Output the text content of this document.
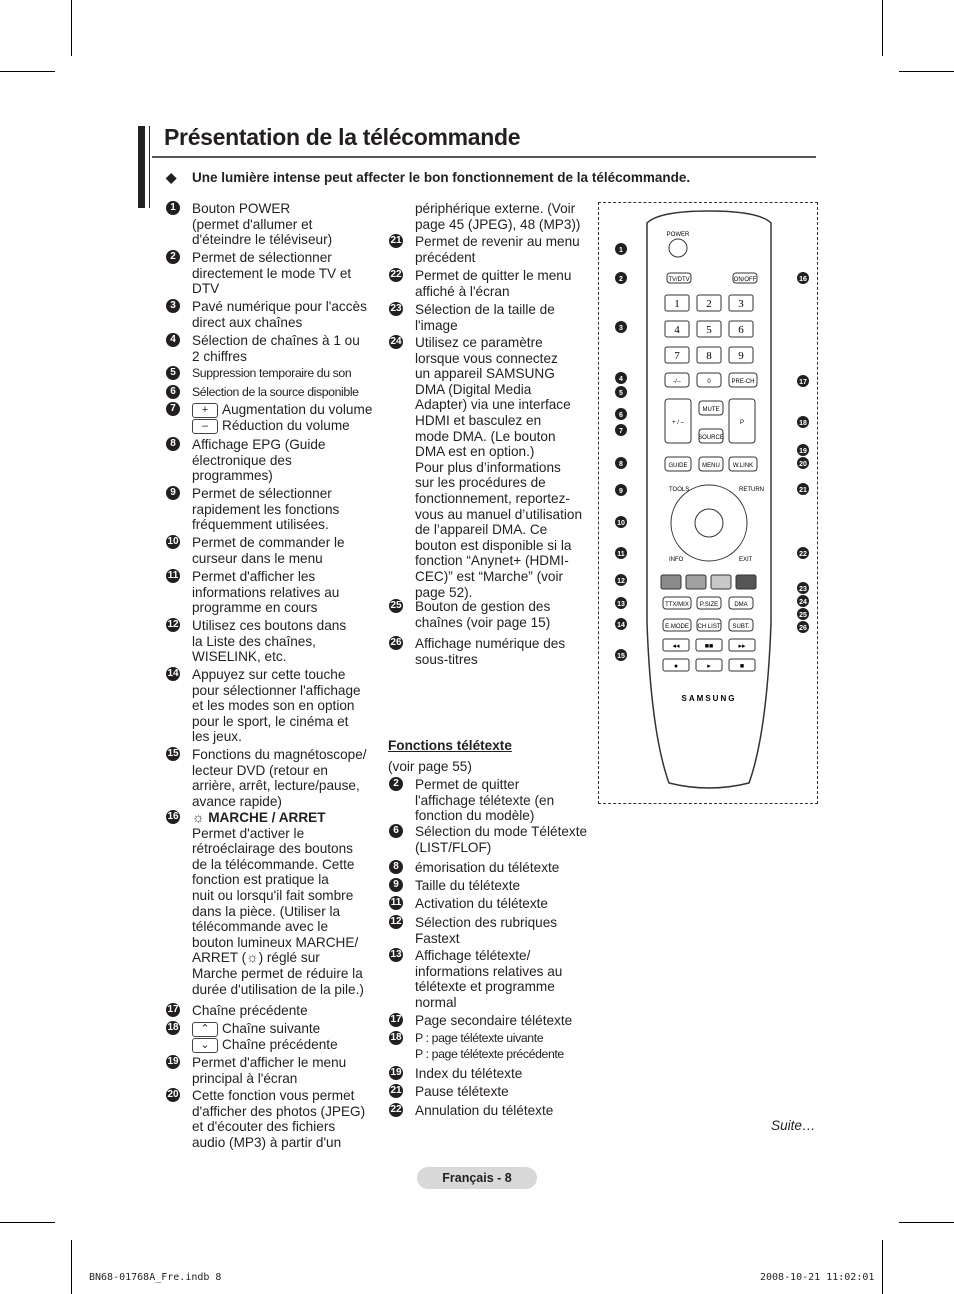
Présentation de la télécommande
◆ Une lumière intense peut affecter le bon fonctionnement de la télécommande.
1	Bouton POWER
(permet d'allumer et
d'éteindre le téléviseur)
2	Permet de sélectionner
directement le mode TV et
DTV
3	Pavé numérique pour l'accès
direct aux chaînes
4	Sélection de chaînes à 1 ou
2 chiffres
5	Suppression temporaire du son
6	Sélection de la source disponible
7	+ Augmentation du volume
– Réduction du volume
8	Affichage EPG (Guide
électronique des
programmes)
9	Permet de sélectionner
rapidement les fonctions
fréquemment utilisées.
10 Permet de commander le
curseur dans le menu
11 Permet d'afficher les
informations relatives au
programme en cours
12 Utilisez ces boutons dans
la Liste des chaînes,
WISELINK, etc.
14 Appuyez sur cette touche
pour sélectionner l'affichage
et les modes son en option
pour le sport, le cinéma et
les jeux.
15 Fonctions du magnétoscope/
lecteur DVD (retour en
arrière, arrêt, lecture/pause,
avance rapide)
16 ☼ MARCHE / ARRET
Permet d'activer le
rétroéclairage des boutons
de la télécommande. Cette
fonction est pratique la
nuit ou lorsqu'il fait sombre
dans la pièce. (Utiliser la
télécommande avec le
bouton lumineux MARCHE/
ARRET (☼) réglé sur
Marche permet de réduire la
durée d'utilisation de la pile.)
17 Chaîne précédente
18	⌃ Chaîne suivante
⌄ Chaîne précédente
19 Permet d'afficher le menu
principal à l'écran
20 Cette fonction vous permet
d'afficher des photos (JPEG)
et d'écouter des fichiers
audio (MP3) à partir d'un
périphérique externe. (Voir
page 45 (JPEG), 48 (MP3))
21 Permet de revenir au menu
précédent
22 Permet de quitter le menu
affiché à l'écran
23 Sélection de la taille de
l'image
24 Utilisez ce paramètre
lorsque vous connectez
un appareil SAMSUNG
DMA (Digital Media
Adapter) via une interface
HDMI et basculez en
mode DMA. (Le bouton
DMA est en option.)
Pour plus d’informations
sur les procédures de
fonctionnement, reportez-
vous au manuel d’utilisation
de l’appareil DMA. Ce
bouton est disponible si la
fonction “Anynet+ (HDMI-
CEC)” est “Marche” (voir
page 52).
25 Bouton de gestion des
chaînes (voir page 15)
26 Affichage numérique des
sous-titres
Fonctions télétexte
(voir page 55)
2	Permet de quitter
l'affichage télétexte (en
fonction du modèle)
6	Sélection du mode Télétexte
(LIST/FLOF)
8	émorisation du télétexte
9	Taille du télétexte
11 Activation du télétexte
12 Sélection des rubriques
Fastext
13 Affichage télétexte/
informations relatives au
télétexte et programme
normal
17 Page secondaire télétexte
18 P : page télétexte uivante
P : page télétexte précédente
19 Index du télétexte
21 Pause télétexte
22 Annulation du télétexte
POWER
TV/DTV	ON/OFF
1 2 3
4 5 6
7 8 9
-/--	0	PRE-CH
+ / –
MUTE
SOURCE
P
GUIDE MENU W.LINK
TOOLS	RETURN
INFO	EXIT
TTX/MIX P.SIZE	DMA
E.MODE CH LIST SUBT.
◂◂	■■	▸▸
●	▸	■
SAMSUNG
1
2
3
4
5
6
7
8
9
10
11
12
13
14
15
16
17
18
19
20
21
22
23
24
25
26
Suite…
Français - 8
BN68-01768A_Fre.indb 8	2008-10-21 11:02:01
